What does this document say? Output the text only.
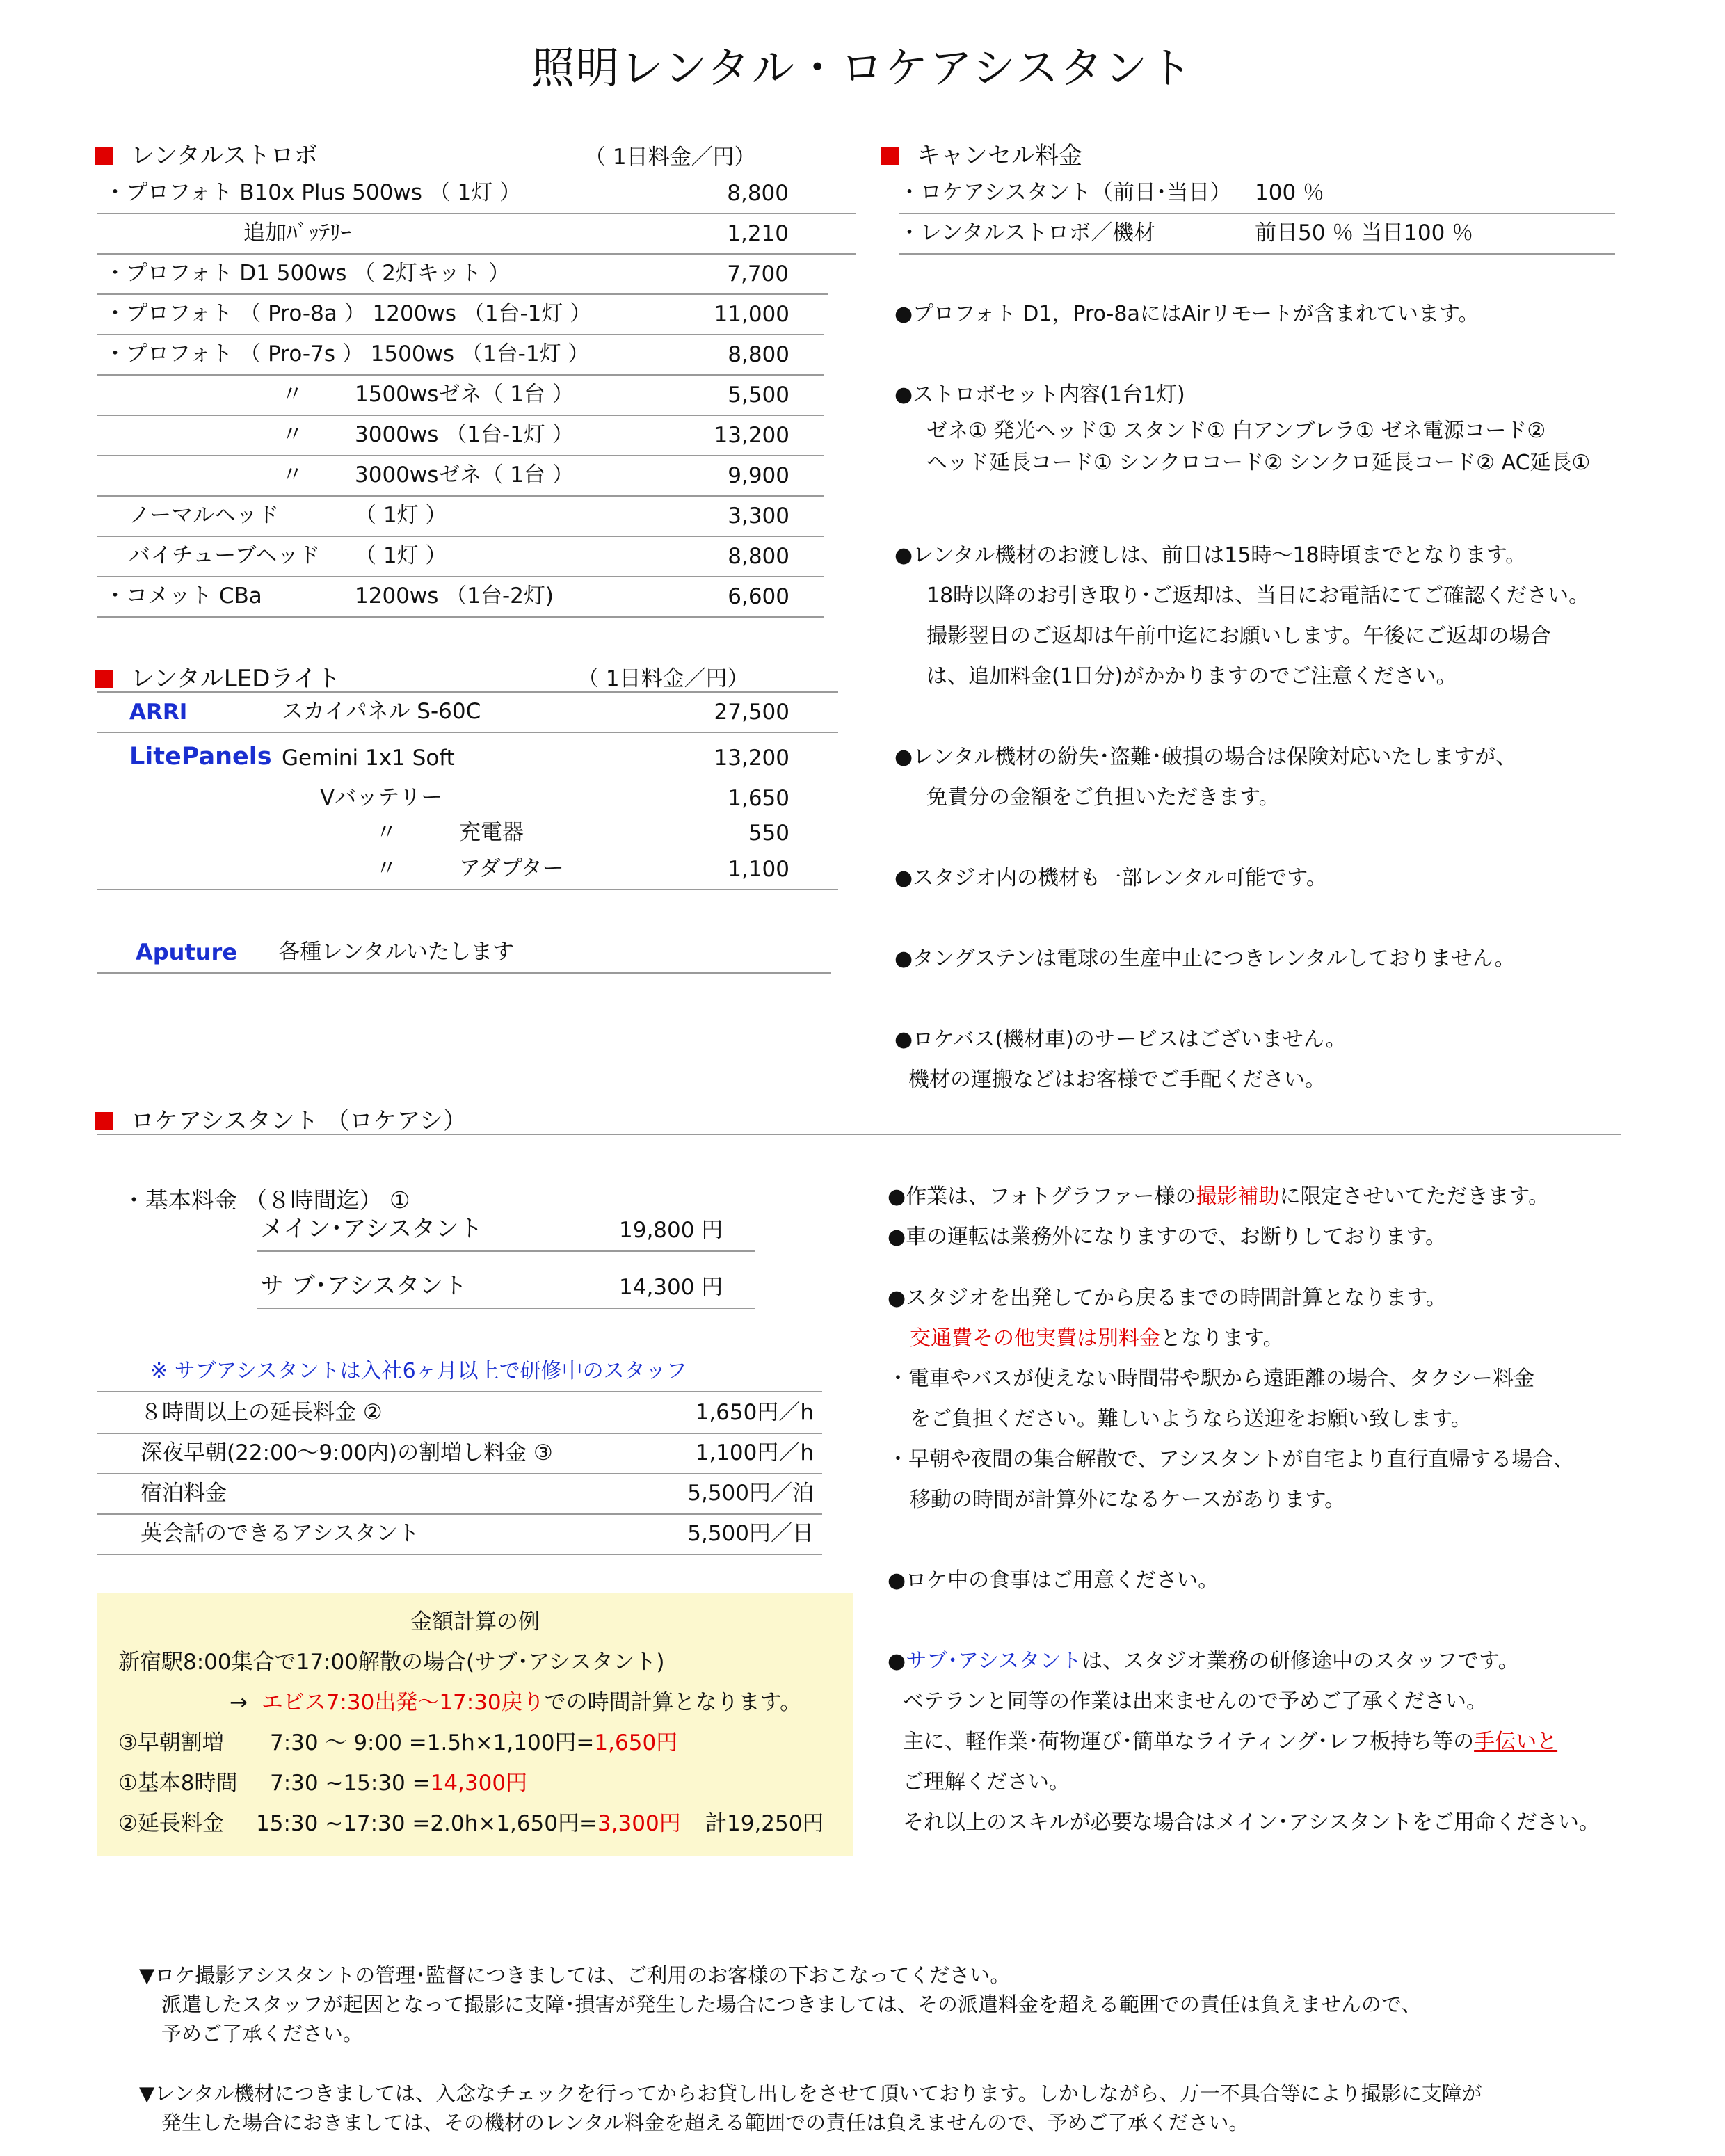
照明レンタル・ロケアシスタント
レンタルストロボ	（ 1日料金／円）
・プロフォト B10x Plus 500ws （ 1灯 ）	8,800
追加ﾊﾞｯﾃﾘｰ	1,210
・プロフォト D1 500ws （ 2灯キット ）	7,700
・プロフォト （ Pro-8a ） 1200ws （1台-1灯 ）	11,000
・プロフォト （ Pro-7s ） 1500ws （1台-1灯 ）	8,800
〃 1500wsゼネ（ 1台 ）	5,500
〃 3000ws （1台-1灯 ）	13,200
〃 3000wsゼネ（ 1台 ）	9,900
ノーマルヘッド	（ 1灯 ）	3,300
バイチューブヘッド （ 1灯 ）	8,800
・コメット CBa	1200ws （1台-2灯)	6,600
レンタルLEDライト	（ 1日料金／円）
ARRI	スカイパネル S-60C	27,500
LitePanels Gemini 1x1 Soft	13,200
Vバッテリー	1,650
〃	充電器	550
〃	アダプター	1,100
Aputure 各種レンタルいたします
キャンセル料金
・ロケアシスタント（前日･当日） 100 ％
・レンタルストロボ／機材	前日50 ％ 当日100 ％
●プロフォト D1，Pro-8aにはAirリモートが含まれています。
●ストロボセット内容(1台1灯)
ゼネ① 発光ヘッド① スタンド① 白アンブレラ① ゼネ電源コード②
ヘッド延長コード① シンクロコード② シンクロ延長コード② AC延長①
●レンタル機材のお渡しは、前日は15時～18時頃までとなります。
18時以降のお引き取り･ご返却は、当日にお電話にてご確認ください。
撮影翌日のご返却は午前中迄にお願いします。午後にご返却の場合
は、追加料金(1日分)がかかりますのでご注意ください。
●レンタル機材の紛失･盗難･破損の場合は保険対応いたしますが、
免責分の金額をご負担いただきます。
●スタジオ内の機材も一部レンタル可能です。
●タングステンは電球の生産中止につきレンタルしておりません。
●ロケバス(機材車)のサービスはございません。
機材の運搬などはお客様でご手配ください。
ロケアシスタント （ロケアシ）
・基本料金 （８時間迄） ①
メイン･アシスタント	19,800 円
サ ブ･アシスタント	14,300 円
※ サブアシスタントは入社6ヶ月以上で研修中のスタッフ
８時間以上の延長料金 ②	1,650円／h
深夜早朝(22:00～9:00内)の割増し料金 ③	1,100円／h
宿泊料金	5,500円／泊
英会話のできるアシスタント	5,500円／日
金額計算の例
新宿駅8:00集合で17:00解散の場合(サブ･アシスタント)
→ エビス7:30出発～17:30戻りでの時間計算となります。
③早朝割増 7:30 ～ 9:00 =1.5h×1,100円=1,650円
①基本8時間 7:30 ~15:30 =14,300円
②延長料金 15:30 ~17:30 =2.0h×1,650円=3,300円 計19,250円
●作業は、フォトグラファー様の撮影補助に限定させいてただきます。
●車の運転は業務外になりますので、お断りしております。
●スタジオを出発してから戻るまでの時間計算となります。
交通費その他実費は別料金となります。
・電車やバスが使えない時間帯や駅から遠距離の場合、タクシー料金
をご負担ください。難しいようなら送迎をお願い致します。
・早朝や夜間の集合解散で、アシスタントが自宅より直行直帰する場合、
移動の時間が計算外になるケースがあります。
●ロケ中の食事はご用意ください。
●サブ･アシスタントは、スタジオ業務の研修途中のスタッフです。
ベテランと同等の作業は出来ませんので予めご了承ください。
主に、軽作業･荷物運び･簡単なライティング･レフ板持ち等の手伝いと
ご理解ください。
それ以上のスキルが必要な場合はメイン･アシスタントをご用命ください。
▼ロケ撮影アシスタントの管理･監督につきましては、ご利用のお客様の下おこなってください。
派遣したスタッフが起因となって撮影に支障･損害が発生した場合につきましては、その派遣料金を超える範囲での責任は負えませんので、
予めご了承ください。
▼レンタル機材につきましては、入念なチェックを行ってからお貸し出しをさせて頂いております。しかしながら、万一不具合等により撮影に支障が
発生した場合におきましては、その機材のレンタル料金を超える範囲での責任は負えませんので、予めご了承ください。
